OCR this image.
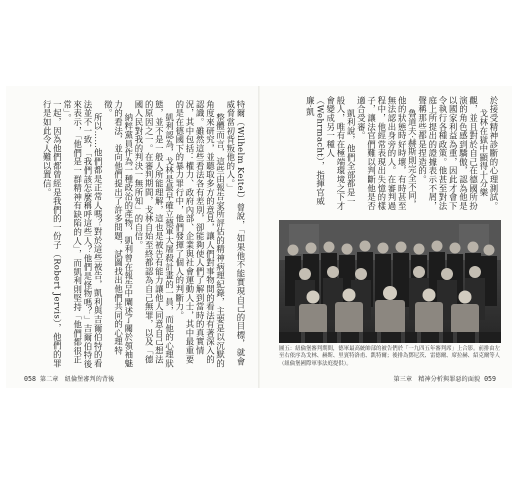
特爾（Wilhelm Keitel）曾說，「如果他不能實現自己的目標，就會威脅當初背叛他的人。」

整體而言，這些由報告家所評估的精神病理紀錄，主要是以沉默的角度來研究，並聽取多方的意見，讓人們對事物間的看法有著深入的認識。雖然這些看法各有差別，卻能夠使人們了解到當時的真實情況，其中包括：權力、政府內部、企業與社會運動人士，其中最重要的是在德國下的暴力罪行中，他們發揮了個人的判斷力。

凱利認為，戈林是最早確立德軍大屠殺計畫的一員，而他的心理狀態，並不是一般人所能理解，這也是被告有能力讓他人同意自己想法的原因之一。在審判期間，戈林自始至終都認為自己無罪，以及「德國人民對我的判決一無所知」的自信。

納粹黨員作為一種政治的產物，凱利曾在報告中闡述了關於領袖魅力的看法，並向他們提出了許多問題，試圖找出他們共同的心理特徵。

所以……他們都是正常人嗎？對於這些被告，凱利與吉爾伯特的看法並不一致，「我們該怎麼稱呼這些人？他們是怪物嗎？」吉爾伯特後來表示，「他們是一群精神有缺陷的人」，而凱利則堅持「他們都很正常」。

一起，因為他們都曾經是我們的一份子（Robert Jervis），他們的罪行是如此令人難以置信。

058 第二章　紐倫堡審判的背後

於接受精神診斷的心理測試。

戈林在獄中顯得十分樂觀，並且對於自己在德國所扮演的角色感到驕傲，認為他是以國家利益為重，因此才會下令執行各種政策。他甚至對法庭上所提出的證據表示不屑，聲稱那些都是捏造的。

魯道夫·赫斯則完全不同，他的狀態時好時壞，有時甚至無法認出身旁的人。在審判過程中，他經常表現出失憶的樣子，讓法官們難以判斷他是否適合受審。

凱利說，他們全部都是一般人，唯有在極端環境之下才會變成另一種人（Wehrmacht），指揮官威廉·凱

圖五：紐倫堡審判期間，德軍最高統帥部的被告們於「一九四五年審判席」上合影。前排由左至右依序為戈林、赫斯、里賓特洛甫、凱特爾；後排為鄧尼茨、雷德爾、席拉赫、紹克爾等人（紐倫堡國際軍事法庭提供）。
第三章　精神分析與罪惡的面貌 059
